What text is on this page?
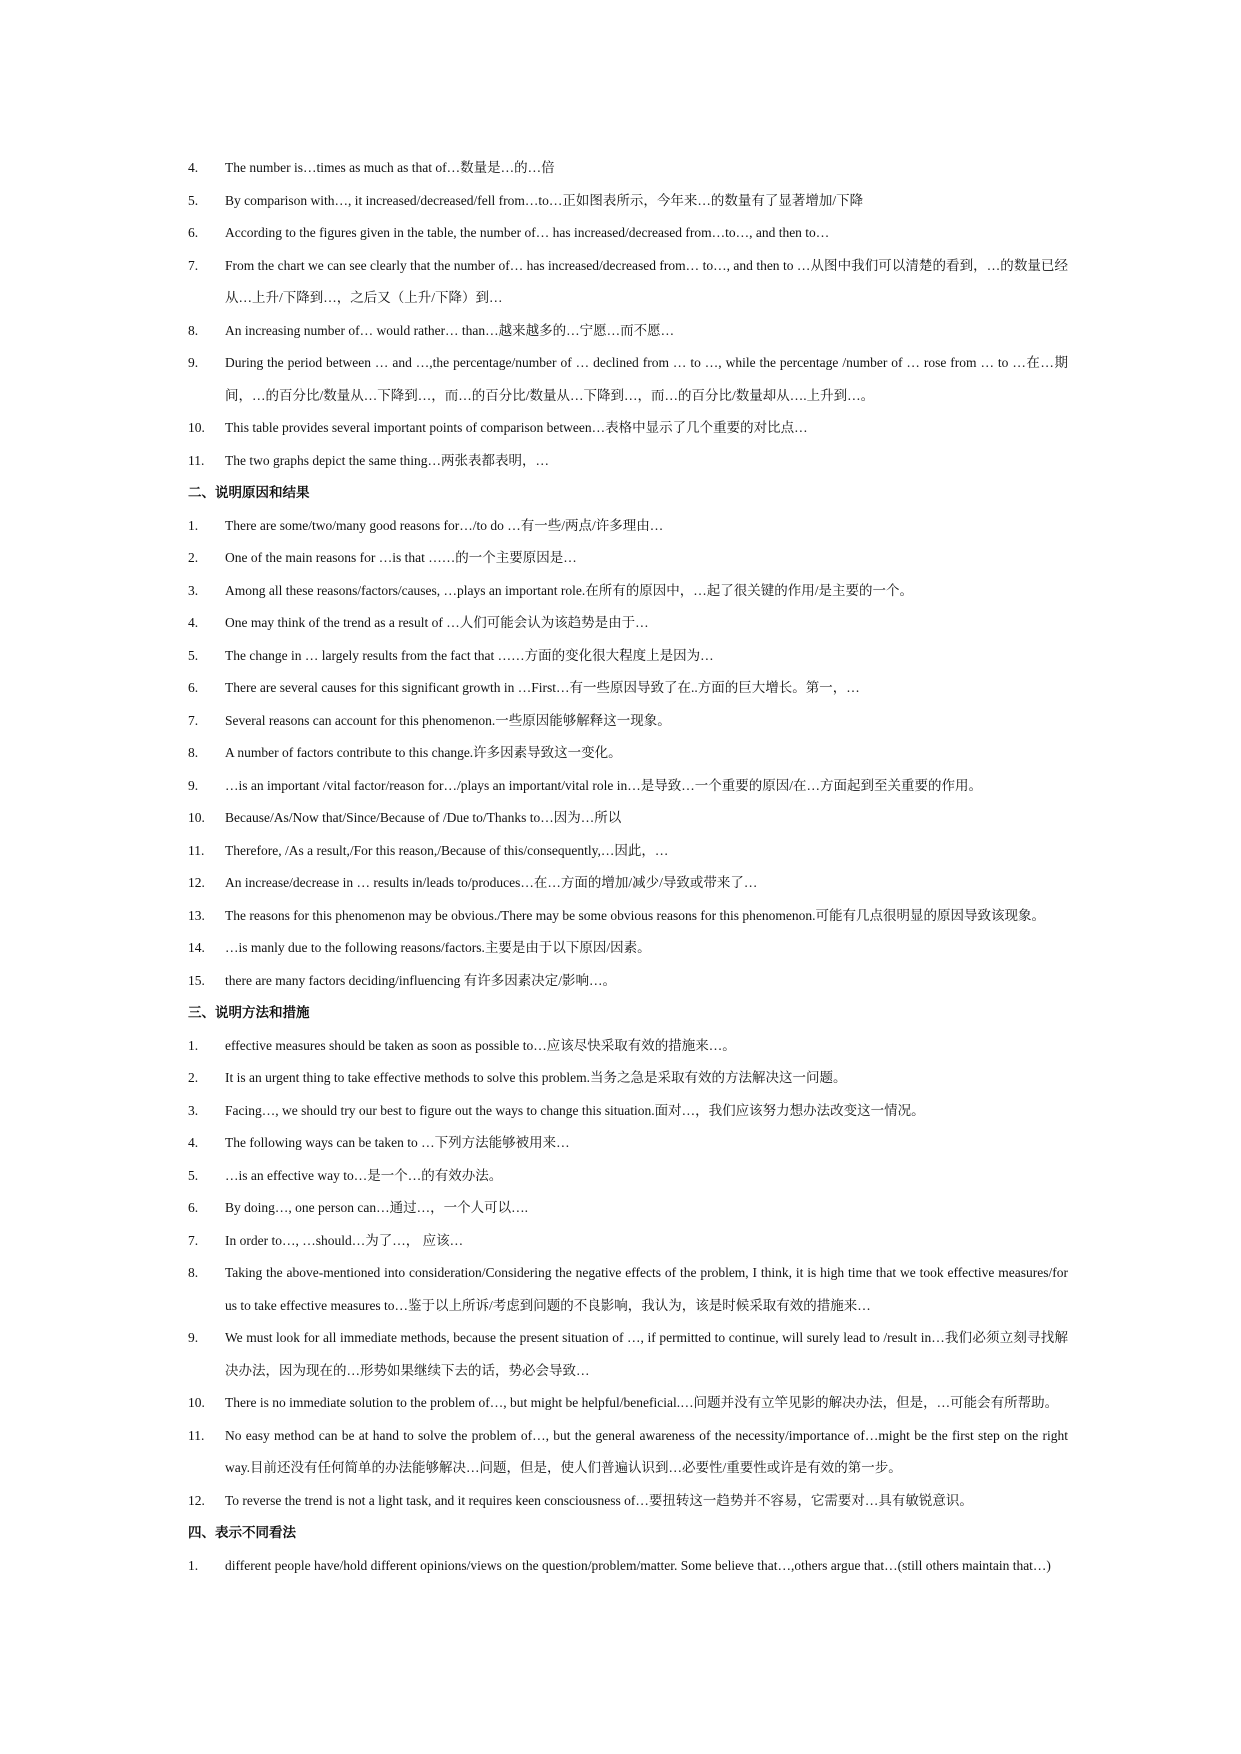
4.	The number is…times as much as that of…数量是…的…倍
5.	By comparison with…, it increased/decreased/fell from…to…正如图表所示，今年来…的数量有了显著增加/下降
6.	According to the figures given in the table, the number of… has increased/decreased from…to…, and then to…
7.	From the chart we can see clearly that the number of… has increased/decreased from… to…, and then to …从图中我们可以清楚的看到，…的数量已经从…上升/下降到…，之后又（上升/下降）到…
8.	An increasing number of… would rather… than…越来越多的…宁愿…而不愿…
9.	During the period between … and …,the percentage/number of … declined from … to …, while the percentage /number of … rose from … to …在…期间，…的百分比/数量从…下降到…，而…的百分比/数量从…下降到…，而…的百分比/数量却从….上升到…。
10.	This table provides several important points of comparison between…表格中显示了几个重要的对比点…
11.	The two graphs depict the same thing…两张表都表明，…
二、说明原因和结果
1.	There are some/two/many good reasons for…/to do …有一些/两点/许多理由…
2.	One of the main reasons for …is that ……的一个主要原因是…
3.	Among all these reasons/factors/causes, …plays an important role.在所有的原因中，…起了很关键的作用/是主要的一个。
4.	One may think of the trend as a result of …人们可能会认为该趋势是由于…
5.	The change in … largely results from the fact that ……方面的变化很大程度上是因为…
6.	There are several causes for this significant growth in …First…有一些原因导致了在..方面的巨大增长。第一，…
7.	Several reasons can account for this phenomenon.一些原因能够解释这一现象。
8.	A number of factors contribute to this change.许多因素导致这一变化。
9.	…is an important /vital factor/reason for…/plays an important/vital role in…是导致…一个重要的原因/在…方面起到至关重要的作用。
10.	Because/As/Now that/Since/Because of /Due to/Thanks to…因为…所以
11.	Therefore, /As a result,/For this reason,/Because of this/consequently,…因此，…
12.	An increase/decrease in … results in/leads to/produces…在…方面的增加/减少/导致或带来了…
13.	The reasons for this phenomenon may be obvious./There may be some obvious reasons for this phenomenon.可能有几点很明显的原因导致该现象。
14.	…is manly due to the following reasons/factors.主要是由于以下原因/因素。
15.	there are many factors deciding/influencing 有许多因素决定/影响…。
三、说明方法和措施
1.	effective measures should be taken as soon as possible to…应该尽快采取有效的措施来…。
2.	It is an urgent thing to take effective methods to solve this problem.当务之急是采取有效的方法解决这一问题。
3.	Facing…, we should try our best to figure out the ways to change this situation.面对…，我们应该努力想办法改变这一情况。
4.	The following ways can be taken to …下列方法能够被用来…
5.	…is an effective way to…是一个…的有效办法。
6.	By doing…, one person can…通过…，一个人可以….
7.	In order to…, …should…为了…， 应该…
8.	Taking the above-mentioned into consideration/Considering the negative effects of the problem, I think, it is high time that we took effective measures/for us to take effective measures to…鉴于以上所诉/考虑到问题的不良影响，我认为，该是时候采取有效的措施来…
9.	We must look for all immediate methods, because the present situation of …, if permitted to continue, will surely lead to /result in…我们必须立刻寻找解决办法，因为现在的…形势如果继续下去的话，势必会导致…
10.	There is no immediate solution to the problem of…, but might be helpful/beneficial.…问题并没有立竿见影的解决办法，但是，…可能会有所帮助。
11.	No easy method can be at hand to solve the problem of…, but the general awareness of the necessity/importance of…might be the first step on the right way.目前还没有任何简单的办法能够解决…问题，但是，使人们普遍认识到…必要性/重要性或许是有效的第一步。
12.	To reverse the trend is not a light task, and it requires keen consciousness of…要扭转这一趋势并不容易，它需要对…具有敏锐意识。
四、表示不同看法
1.	different people have/hold different opinions/views on the question/problem/matter. Some believe that…,others argue that…(still others maintain that…)
